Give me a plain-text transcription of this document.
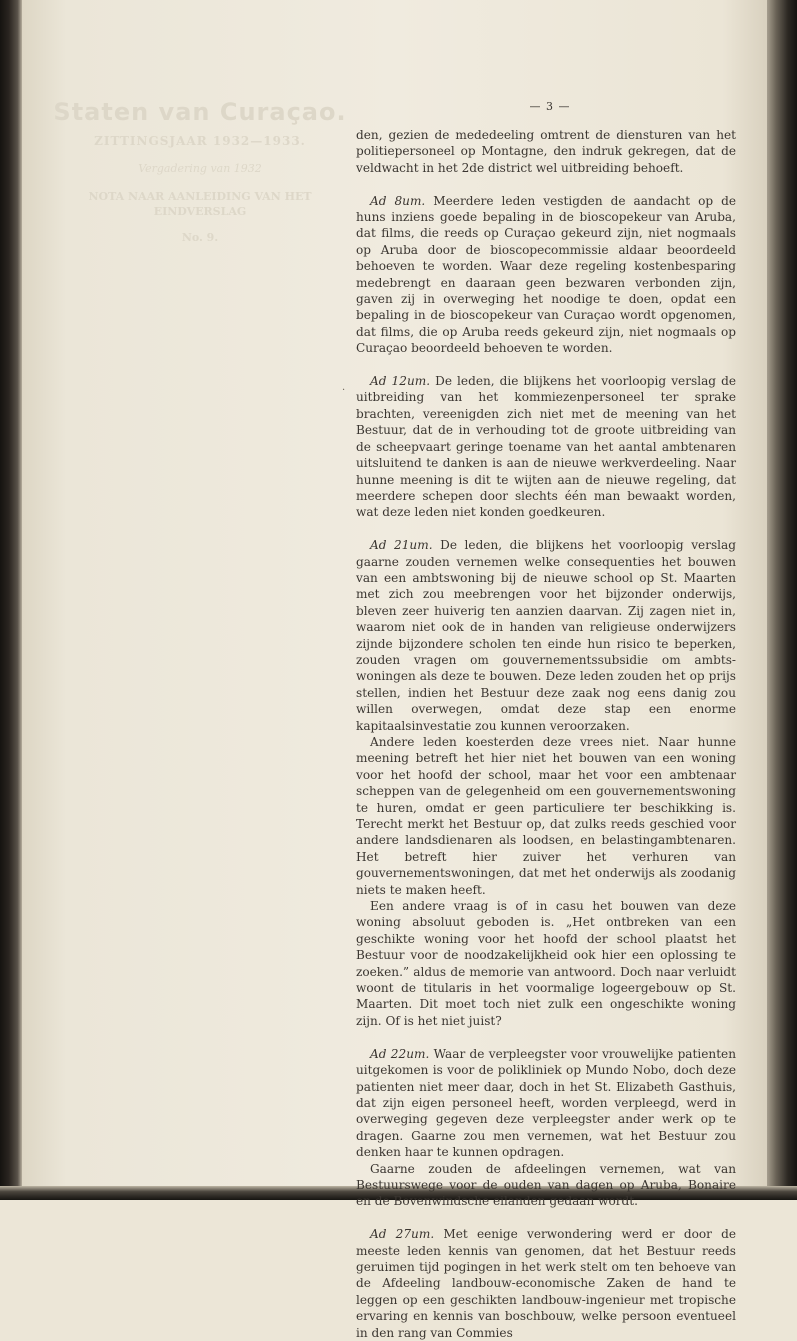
Staten van Curaçao.
ZITTINGSJAAR 1932—1933.
Vergadering van 1932
NOTA NAAR AANLEIDING VAN HET EINDVERSLAG
No. 9.
·
— 3 —

den, gezien de mededeeling omtrent de diensturen van het politiepersoneel op Montagne, den indruk gekregen, dat de veldwacht in het 2de district wel uitbreiding behoeft.

Ad 8um. Meerdere leden vestigden de aandacht op de huns inziens goede bepaling in de bioscopekeur van Aruba, dat films, die reeds op Curaçao gekeurd zijn, niet nogmaals op Aruba door de bioscopecommissie aldaar beoordeeld behoeven te worden. Waar deze regeling kostenbesparing medebrengt en daaraan geen bezwaren verbonden zijn, gaven zij in overweging het noodige te doen, opdat een bepaling in de bioscopekeur van Curaçao wordt opgenomen, dat films, die op Aruba reeds gekeurd zijn, niet nogmaals op Curaçao beoordeeld behoeven te worden.

Ad 12um. De leden, die blijkens het voorloopig verslag de uitbreiding van het kommiezenpersoneel ter sprake brachten, vereenigden zich niet met de meening van het Bestuur, dat de in verhouding tot de groote uitbreiding van de scheepvaart geringe toename van het aantal ambtenaren uitsluitend te danken is aan de nieuwe werkverdeeling. Naar hunne meening is dit te wijten aan de nieuwe regeling, dat meerdere schepen door slechts één man bewaakt worden, wat deze leden niet konden goedkeuren.

Ad 21um. De leden, die blijkens het voorloopig verslag gaarne zouden vernemen welke consequenties het bouwen van een ambtswoning bij de nieuwe school op St. Maarten met zich zou meebrengen voor het bijzonder onderwijs, bleven zeer huiverig ten aanzien daarvan. Zij zagen niet in, waarom niet ook de in handen van religieuse onderwijzers zijnde bijzondere scholen ten einde hun risico te beperken, zouden vragen om gouvernementssubsidie om ambts-woningen als deze te bouwen. Deze leden zouden het op prijs stellen, indien het Bestuur deze zaak nog eens danig zou willen overwegen, omdat deze stap een enorme kapitaalsinvestatie zou kunnen veroorzaken.

Andere leden koesterden deze vrees niet. Naar hunne meening betreft het hier niet het bouwen van een woning voor het hoofd der school, maar het voor een ambtenaar scheppen van de gelegenheid om een gouvernementswoning te huren, omdat er geen particuliere ter beschikking is. Terecht merkt het Bestuur op, dat zulks reeds geschied voor andere landsdienaren als loodsen, en belastingambtenaren. Het betreft hier zuiver het verhuren van gouvernementswoningen, dat met het onderwijs als zoodanig niets te maken heeft.

Een andere vraag is of in casu het bouwen van deze woning absoluut geboden is. „Het ontbreken van een geschikte woning voor het hoofd der school plaatst het Bestuur voor de noodzakelijkheid ook hier een oplossing te zoeken.” aldus de memorie van antwoord. Doch naar verluidt woont de titularis in het voormalige logeergebouw op St. Maarten. Dit moet toch niet zulk een ongeschikte woning zijn. Of is het niet juist?

Ad 22um. Waar de verpleegster voor vrouwelijke patienten uitgekomen is voor de polikliniek op Mundo Nobo, doch deze patienten niet meer daar, doch in het St. Elizabeth Gasthuis, dat zijn eigen personeel heeft, worden verpleegd, werd in overweging gegeven deze verpleegster ander werk op te dragen. Gaarne zou men vernemen, wat het Bestuur zou denken haar te kunnen opdragen.

Gaarne zouden de afdeelingen vernemen, wat van Bestuurswege voor de ouden van dagen op Aruba, Bonaire en de Bovenwindsche eilanden gedaan wordt.

Ad 27um. Met eenige verwondering werd er door de meeste leden kennis van genomen, dat het Bestuur reeds geruimen tijd pogingen in het werk stelt om ten behoeve van de Afdeeling landbouw-economische Zaken de hand te leggen op een geschikten landbouw-ingenieur met tropische ervaring en kennis van boschbouw, welke persoon eventueel in den rang van Commies
